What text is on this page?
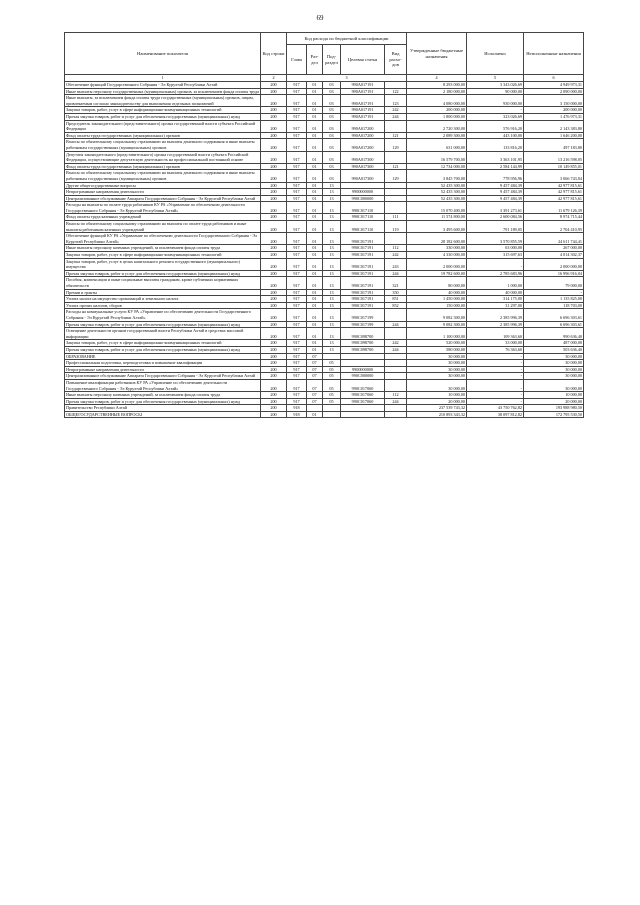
69
Наименование показателя	Код строки	Код расхода по бюджетной классификации					Утвержденные бюджетные назначения	Исполнено	Неисполненные назначения
		Глава	Раз-дел	Под-раздел	Целевая статья	Вид расхо-дов			
1	2	3					4	5	6
Обеспечение функций Государственного Собрания - Эл Курултай Республики Алтай	200	917	01	03	990А017191		8 293 000,00	3 343 026,69	4 949 973,31
Иные выплаты персоналу государственных (муниципальных) органов, за исключением фонда оплаты труда	200	917	01	03	990А017191	122	2 180 000,00	90 000,00	2 090 000,00
Иные выплаты, за исключением фонда оплаты труда государственных (муниципальных) органов, лицам, привлекаемым согласно законодательству для выполнения отдельных полномочий	200	917	01	03	990А017191	123	4 080 000,00	930 000,00	3 150 000,00
Закупка товаров, работ, услуг в сфере информационно-коммуникационных технологий	200	917	01	03	990А017191	242	200 000,00	-	200 000,00
Прочая закупка товаров, работ и услуг для обеспечения государственных (муниципальных) нужд	200	917	01	03	990А017191	244	1 800 000,00	323 026,69	1 476 973,31
Председатель законодательного (представительного) органа государственной власти субъекта Российской Федерации	200	917	01	03	990А017200		2 720 300,00	576 916,20	2 143 383,80
Фонд оплаты труда государственных (муниципальных) органов	200	917	01	03	990А017200	121	2 089 300,00	443 100,00	1 646 200,00
Взносы по обязательному социальному страхованию на выплаты денежного содержания и иные выплаты работникам государственных (муниципальных) органов	200	917	01	03	990А017200	129	631 000,00	133 816,20	497 183,80
Депутаты законодательного (представительного) органа государственной власти субъекта Российской Федерации, осуществляющие депутатскую деятельность на профессиональной постоянной основе	200	917	01	03	990А017300		16 579 700,00	3 363 101,95	13 216 598,05
Фонд оплаты труда государственных (муниципальных) органов	200	917	01	03	990А017300	121	12 734 000,00	2 584 144,99	10 149 855,01
Взносы по обязательному социальному страхованию на выплаты денежного содержания и иные выплаты работникам государственных (муниципальных) органов	200	917	01	03	990А017300	129	3 845 700,00	778 956,96	3 066 743,04
Другие общегосударственные вопросы	200	917	01	13			52 435 300,00	9 457 484,39	42 977 815,61
Непрограммные направления деятельности	200	917	01	13	9900000000		52 435 300,00	9 457 484,39	42 977 815,61
Централизованное обслуживание Аппарата Государственного Собрания - Эл Курултай Республики Алтай	200	917	01	13	990С000000		52 435 300,00	9 457 484,39	42 977 815,61
Расходы на выплаты по оплате труда работников КУ РА «Управление по обеспечению деятельности Государственного Собрания - Эл Курултай Республики Алтай»	200	917	01	13	990С017110		15 070 400,00	3 391 273,61	11 679 126,39
Фонд оплаты труда казенных учреждений	200	917	01	13	990С017110	111	11 574 800,00	2 600 084,56	8 974 715,44
Взносы по обязательному социальному страхованию на выплаты по оплате труда работников и иные выплаты работникам казенных учреждений	200	917	01	13	990С017110	119	3 495 600,00	791 189,05	2 704 410,95
Обеспечение функций КУ РА «Управление по обеспечению деятельности Государственного Собрания - Эл Курултай Республики Алтай»	200	917	01	13	990С017191		28 182 600,00	3 570 855,59	24 611 744,41
Иные выплаты персоналу казенных учреждений, за исключением фонда оплаты труда	200	917	01	13	990С017191	112	330 000,00	63 000,00	267 000,00
Закупка товаров, работ, услуг в сфере информационно-коммуникационных технологий	200	917	01	13	990С017191	242	4 330 000,00	315 697,63	4 014 302,37
Закупка товаров, работ, услуг в целях капитального ремонта государственного (муниципального) имущества	200	917	01	13	990С017191	243	2 000 000,00	-	2 000 000,00
Прочая закупка товаров, работ и услуг для обеспечения государственных (муниципальных) нужд	200	917	01	13	990С017191	244	19 782 600,00	2 785 683,96	16 996 916,04
Пособия, компенсации и иные социальные выплаты гражданам, кроме публичных нормативных обязательств	200	917	01	13	990С017191	321	80 000,00	1 000,00	79 000,00
Премии и гранты	200	917	01	13	990С017191	350	40 000,00	40 000,00	-
Уплата налога на имущество организаций и земельного налога	200	917	01	13	990С017191	851	1 450 000,00	314 175,00	1 135 825,00
Уплата прочих налогов, сборов	200	917	01	13	990С017191	852	150 000,00	31 297,00	118 703,00
Расходы на коммунальные услуги КУ РА «Управление по обеспечению деятельности Государственного Собрания - Эл Курултай Республики Алтай»	200	917	01	13	990С017199		9 082 300,00	2 385 996,39	6 696 303,61
Прочая закупка товаров, работ и услуг для обеспечения государственных (муниципальных) нужд	200	917	01	13	990С017199	244	9 082 300,00	2 385 996,39	6 696 303,61
Освещение деятельности органов государственной власти Республики Алтай в средствах массовой информации	200	917	01	13	990С098700		1 100 000,00	109 363,60	990 636,40
Закупка товаров, работ, услуг в сфере информационно-коммуникационных технологий	200	917	01	13	990С098700	242	520 000,00	33 000,00	487 000,00
Прочая закупка товаров, работ и услуг для обеспечения государственных (муниципальных) нужд	200	917	01	13	990С098700	244	580 000,00	76 363,60	503 636,40
ОБРАЗОВАНИЕ	200	917	07				30 000,00	-	30 000,00
Профессиональная подготовка, переподготовка и повышение квалификации	200	917	07	05			30 000,00	-	30 000,00
Непрограммные направления деятельности	200	917	07	05	9900000000		30 000,00	-	30 000,00
Централизованное обслуживание Аппарата Государственного Собрания - Эл Курултай Республики Алтай	200	917	07	05	990С000000		30 000,00	-	30 000,00
Повышение квалификации работников КУ РА «Управление по обеспечению деятельности Государственного Собрания - Эл Курултай Республики Алтай»	200	917	07	05	990С017060		30 000,00	-	30 000,00
Иные выплаты персоналу казенных учреждений, за исключением фонда оплаты труда	200	917	07	05	990С017060	112	10 000,00	-	10 000,00
Прочая закупка товаров, работ и услуг для обеспечения государственных (муниципальных) нужд	200	917	07	05	990С017060	244	20 000,00	-	20 000,00
Правительство Республики Алтай	200	918					237 539 743,32	43 750 762,82	193 988 980,50
ОБЩЕГОСУДАРСТВЕННЫЕ ВОПРОСЫ	200	918	01				210 893 343,32	38 097 812,82	172 795 530,50
